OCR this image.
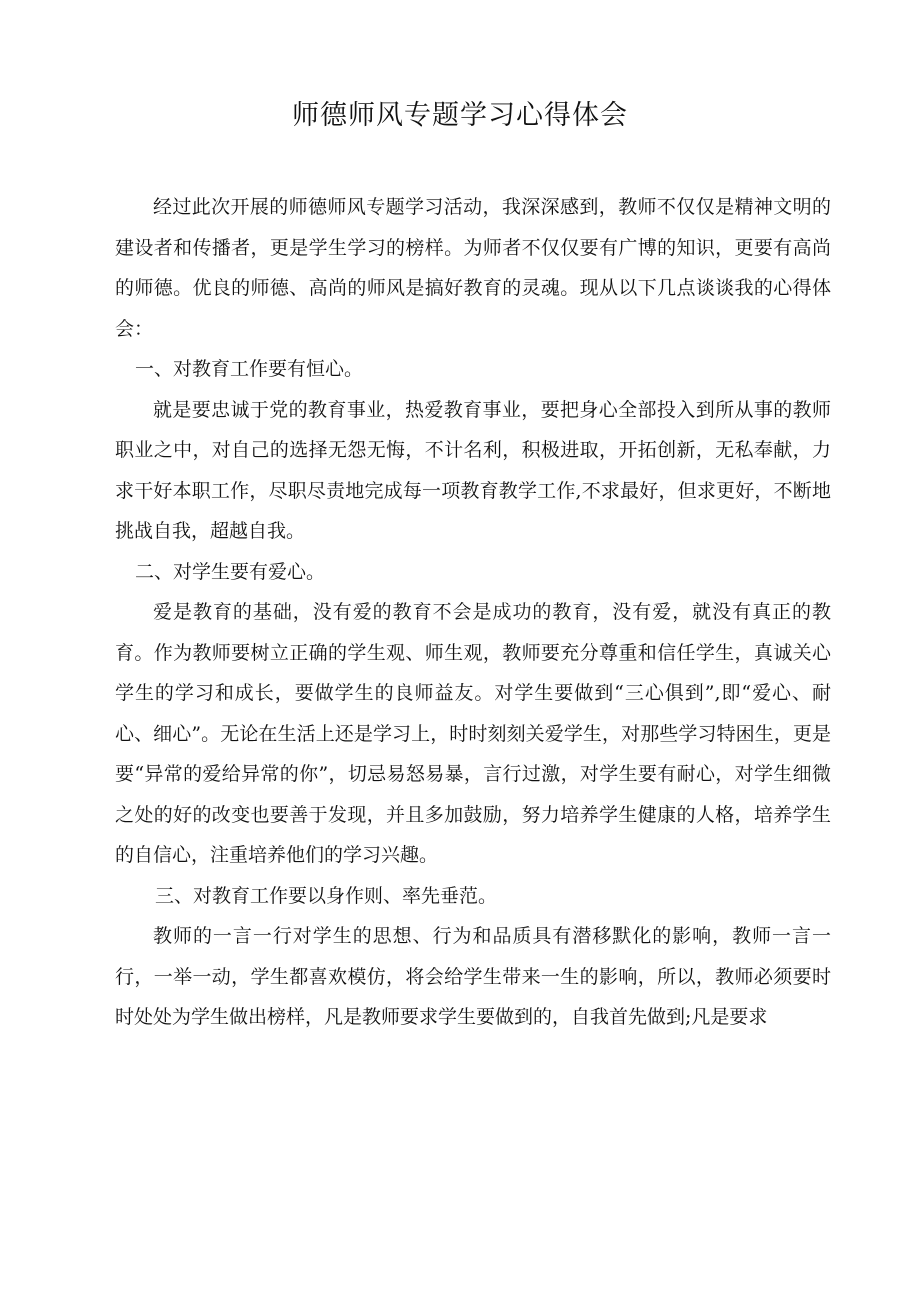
师德师风专题学习心得体会

经过此次开展的师德师风专题学习活动，我深深感到，教师不仅仅是精神文明的建设者和传播者，更是学生学习的榜样。为师者不仅仅要有广博的知识，更要有高尚的师德。优良的师德、高尚的师风是搞好教育的灵魂。现从以下几点谈谈我的心得体会：

一、对教育工作要有恒心。

就是要忠诚于党的教育事业，热爱教育事业，要把身心全部投入到所从事的教师职业之中，对自己的选择无怨无悔，不计名利，积极进取，开拓创新，无私奉献，力求干好本职工作，尽职尽责地完成每一项教育教学工作,不求最好，但求更好，不断地挑战自我，超越自我。

二、对学生要有爱心。

爱是教育的基础，没有爱的教育不会是成功的教育，没有爱，就没有真正的教育。作为教师要树立正确的学生观、师生观，教师要充分尊重和信任学生，真诚关心学生的学习和成长，要做学生的良师益友。对学生要做到“三心俱到”,即“爱心、耐心、细心”。无论在生活上还是学习上，时时刻刻关爱学生，对那些学习特困生，更是要“异常的爱给异常的你”，切忌易怒易暴，言行过激，对学生要有耐心，对学生细微之处的好的改变也要善于发现，并且多加鼓励，努力培养学生健康的人格，培养学生的自信心，注重培养他们的学习兴趣。

三、对教育工作要以身作则、率先垂范。

教师的一言一行对学生的思想、行为和品质具有潜移默化的影响，教师一言一行，一举一动，学生都喜欢模仿，将会给学生带来一生的影响，所以，教师必须要时时处处为学生做出榜样，凡是教师要求学生要做到的，自我首先做到;凡是要求
